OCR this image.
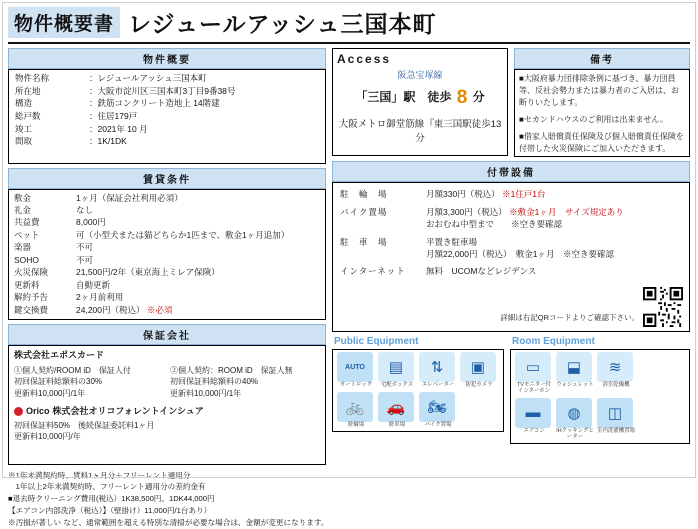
物件概要書 レジュールアッシュ三国本町
物件概要
物件名称	：レジュールアッシュ三国本町
所在地	：大阪市淀川区三国本町3丁目9番38号
構造	：鉄筋コンクリート造地上 14階建
総戸数	：住居179戸
竣工	：2021年 10 月
間取	：1K/1DK
賃貸条件
敷金	1ヶ月（保証会社利用必須）
礼金	なし
共益費	8,000円
ペット	可（小型犬または猫どちらか1匹まで、敷金1ヶ月追加）
楽器	不可
SOHO	不可
火災保険	21,500円/2年（東京海上ミレア保険）
更新料	自動更新
解約予告	2ヶ月前利用
鍵交換費	24,200円（税込） ※必須
保証会社
株式会社エポスカード
①個人契約/ROOM iD　保証人付
初回保証料総額料の30%
更新料10,000円/1年
②個人契約：ROOM iD　保証人無
初回保証料総額料の40%
更新料10,000円/1年
Orico 株式会社オリコフォレントインシュア
初回保証料50%　後続保証委託料1ヶ月
更新料10,000円/年
Access
阪急宝塚線
「三国」駅　徒歩 8 分
大阪メトロ御堂筋線『東三国駅徒歩13分
備考

■大阪府暴力団排除条例に基づき、暴力団員等、反社会勢力または暴力者のご入居は、お断りいたします。

■セカンドハウスのご利用は出来ません。

■借家人賠償責任保険及び個人賠償責任保険を付帯した火災保険にご加入いただきます。

付帯設備
駐　輪　場	月額330円（税込） ※1住戸1台
バイク置場	月額3,300円（税込） ※敷金1ヶ月　サイズ規定あり
おおむね中型まで　　※空き要確認

駐　車　場	平置き駐車場
月額22,000円（税込）　敷金1ヶ月　※空き要確認

インターネット	無料　UCOMなどレジデンス
詳細は右記QRコードよりご確認下さい。
Public Equipment
AUTO
オートロック
▤
宅配ボックス
⇅
エレベーター
▣
防犯カメラ
🚲
駐輪場
🚗
駐車場
🏍
バイク置場
Room Equipment
▭
TVモニター付インターホン
⬓
ウォシュレット
≋
浴室乾燥機
▬
エアコン
◍
IHクッキングヒーター
◫
室内洗濯機置場
※1年未満契約時、賃料1ヶ月分＋フリーレント適用分
　1年以上2年未満契約時、フリーレント適用分の差約金有
■退去時クリーニング費用(税込）1K38,500円、1DK44,000円
【エアコン内部洗浄（税込）】（壁掛け）11,000円/1台あり）
※汚損が著しい など、通常範囲を超える特別な清掃が必要な場合は、金額が変更になります。
